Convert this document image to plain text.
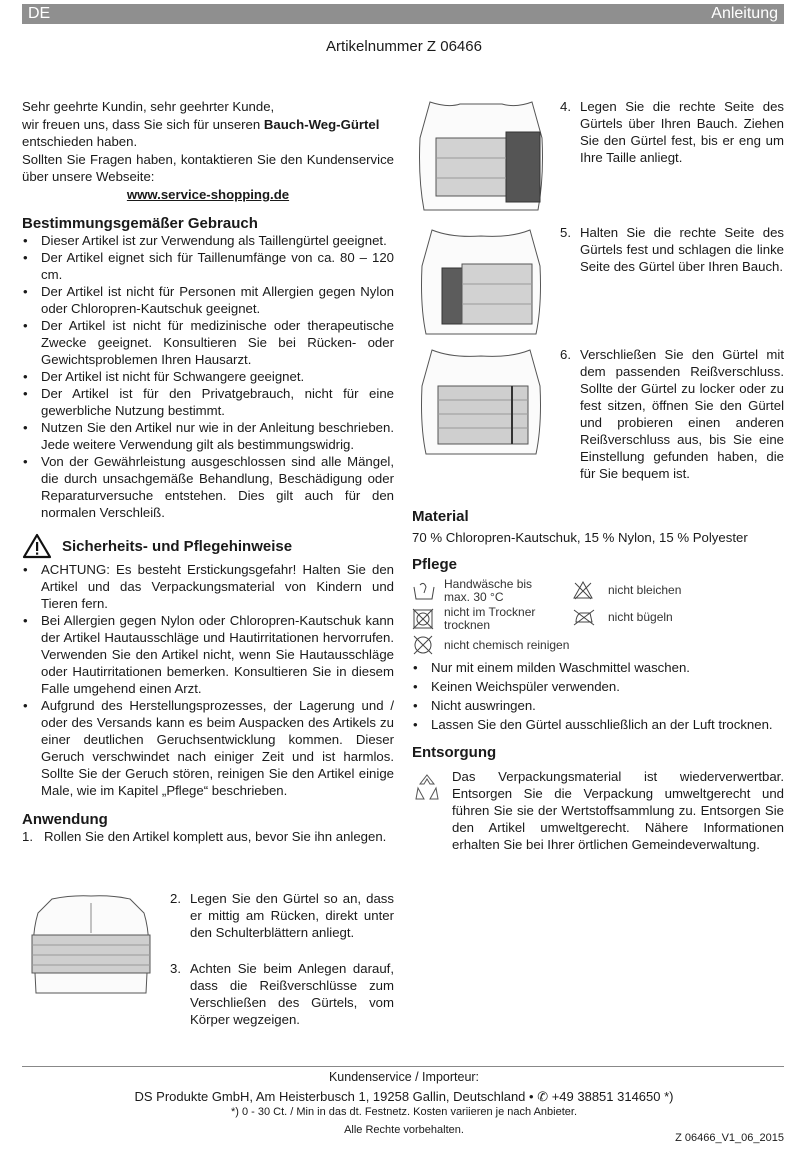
DE	Anleitung
Artikelnummer Z 06466

Sehr geehrte Kundin, sehr geehrter Kunde,

wir freuen uns, dass Sie sich für unseren Bauch-Weg-Gürtel entschieden haben.

Sollten Sie Fragen haben, kontaktieren Sie den Kundenservice über unsere Webseite:

www.service-shopping.de

Bestimmungsgemäßer Gebrauch
• Dieser Artikel ist zur Verwendung als Taillengürtel geeignet.
• Der Artikel eignet sich für Taillenumfänge von ca. 80 – 120 cm.
• Der Artikel ist nicht für Personen mit Allergien gegen Nylon oder Chloropren-Kautschuk geeignet.
• Der Artikel ist nicht für medizinische oder therapeutische Zwecke geeignet. Konsultieren Sie bei Rücken- oder Gewichtsproblemen Ihren Hausarzt.
• Der Artikel ist nicht für Schwangere geeignet.
• Der Artikel ist für den Privatgebrauch, nicht für eine gewerbliche Nutzung bestimmt.
• Nutzen Sie den Artikel nur wie in der Anleitung beschrieben. Jede weitere Verwendung gilt als bestimmungswidrig.
• Von der Gewährleistung ausgeschlossen sind alle Mängel, die durch unsachgemäße Behandlung, Beschädigung oder Reparaturversuche entstehen. Dies gilt auch für den normalen Verschleiß.
Sicherheits- und Pflegehinweise
• ACHTUNG: Es besteht Erstickungsgefahr! Halten Sie den Artikel und das Verpackungsmaterial von Kindern und Tieren fern.
• Bei Allergien gegen Nylon oder Chloropren-Kautschuk kann der Artikel Hautausschläge und Hautirritationen hervorrufen. Verwenden Sie den Artikel nicht, wenn Sie Hautausschläge oder Hautirritationen bemerken. Konsultieren Sie in diesem Falle umgehend einen Arzt.
• Aufgrund des Herstellungsprozesses, der Lagerung und / oder des Versands kann es beim Auspacken des Artikels zu einer deutlichen Geruchsentwicklung kommen. Dieser Geruch verschwindet nach einiger Zeit und ist harmlos. Sollte Sie der Geruch stören, reinigen Sie den Artikel einige Male, wie im Kapitel „Pflege“ beschrieben.
Anwendung
1. Rollen Sie den Artikel komplett aus, bevor Sie ihn anlegen.
2. Legen Sie den Gürtel so an, dass er mittig am Rücken, direkt unter den Schulterblättern anliegt.
3. Achten Sie beim Anlegen darauf, dass die Reißverschlüsse zum Verschließen des Gürtels, vom Körper wegzeigen.
4. Legen Sie die rechte Seite des Gürtels über Ihren Bauch. Ziehen Sie den Gürtel fest, bis er eng um Ihre Taille anliegt.
5. Halten Sie die rechte Seite des Gürtels fest und schlagen die linke Seite des Gürtel über Ihren Bauch.
6. Verschließen Sie den Gürtel mit dem passenden Reißverschluss. Sollte der Gürtel zu locker oder zu fest sitzen, öffnen Sie den Gürtel und probieren einen anderen Reißverschluss aus, bis Sie eine Einstellung gefunden haben, die für Sie bequem ist.
Material

70 % Chloropren-Kautschuk, 15 % Nylon, 15 % Polyester

Pflege
Handwäsche bis max. 30 °C
nicht bleichen
nicht im Trockner trocknen
nicht bügeln
nicht chemisch reinigen
• Nur mit einem milden Waschmittel waschen.
• Keinen Weichspüler verwenden.
• Nicht auswringen.
• Lassen Sie den Gürtel ausschließlich an der Luft trocknen.
Entsorgung
Das Verpackungsmaterial ist wiederverwertbar. Entsorgen Sie die Verpackung umweltgerecht und führen Sie sie der Wertstoffsammlung zu. Entsorgen Sie den Artikel umweltgerecht. Nähere Informationen erhalten Sie bei Ihrer örtlichen Gemeindeverwaltung.
Kundenservice / Importeur:
DS Produkte GmbH, Am Heisterbusch 1, 19258 Gallin, Deutschland • ✆ +49 38851 314650 *)
*) 0 - 30 Ct. / Min in das dt. Festnetz. Kosten variieren je nach Anbieter.
Alle Rechte vorbehalten.
Z 06466_V1_06_2015
